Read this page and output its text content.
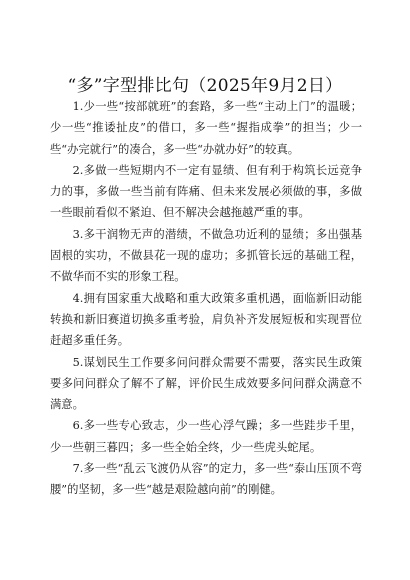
“多”字型排比句（2025年9月2日）

1.少一些“按部就班”的套路，多一些“主动上门”的温暖；少一些“推诿扯皮”的借口，多一些“握指成拳”的担当；少一些“办完就行”的凑合，多一些“办就办好”的较真。

2.多做一些短期内不一定有显绩、但有利于构筑长远竞争力的事，多做一些当前有阵痛、但未来发展必须做的事，多做一些眼前看似不紧迫、但不解决会越拖越严重的事。

3.多干润物无声的潜绩，不做急功近利的显绩；多出强基固根的实功，不做县花一现的虚功；多抓管长远的基础工程，不做华而不实的形象工程。

4.拥有国家重大战略和重大政策多重机遇，面临新旧动能转换和新旧赛道切换多重考验，肩负补齐发展短板和实现晋位赶超多重任务。

5.谋划民生工作要多问问群众需要不需要，落实民生政策要多问问群众了解不了解，评价民生成效要多问问群众满意不满意。

6.多一些专心致志，少一些心浮气躁；多一些跬步千里，少一些朝三暮四；多一些全始全终，少一些虎头蛇尾。

7.多一些“乱云飞渡仍从容”的定力，多一些“泰山压顶不弯腰”的坚韧，多一些“越是艰险越向前”的刚健。
